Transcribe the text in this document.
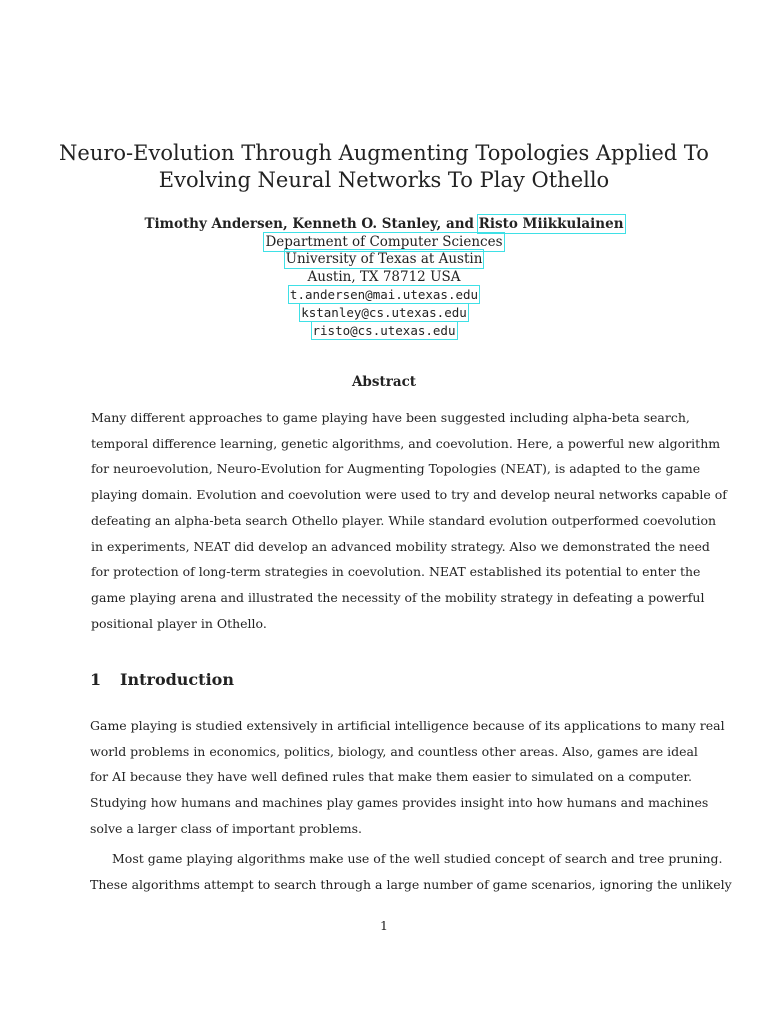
Neuro-Evolution Through Augmenting Topologies Applied To
Evolving Neural Networks To Play Othello
Timothy Andersen, Kenneth O. Stanley, and Risto Miikkulainen
Department of Computer Sciences
University of Texas at Austin
Austin, TX 78712 USA
t.andersen@mai.utexas.edu
kstanley@cs.utexas.edu
risto@cs.utexas.edu
Abstract
Many different approaches to game playing have been suggested including alpha-beta search,
temporal difference learning, genetic algorithms, and coevolution. Here, a powerful new algorithm
for neuroevolution, Neuro-Evolution for Augmenting Topologies (NEAT), is adapted to the game
playing domain. Evolution and coevolution were used to try and develop neural networks capable of
defeating an alpha-beta search Othello player. While standard evolution outperformed coevolution
in experiments, NEAT did develop an advanced mobility strategy. Also we demonstrated the need
for protection of long-term strategies in coevolution. NEAT established its potential to enter the
game playing arena and illustrated the necessity of the mobility strategy in defeating a powerful
positional player in Othello.
1 Introduction
Game playing is studied extensively in artificial intelligence because of its applications to many real
world problems in economics, politics, biology, and countless other areas. Also, games are ideal
for AI because they have well defined rules that make them easier to simulated on a computer.
Studying how humans and machines play games provides insight into how humans and machines
solve a larger class of important problems.
Most game playing algorithms make use of the well studied concept of search and tree pruning.
These algorithms attempt to search through a large number of game scenarios, ignoring the unlikely
1
